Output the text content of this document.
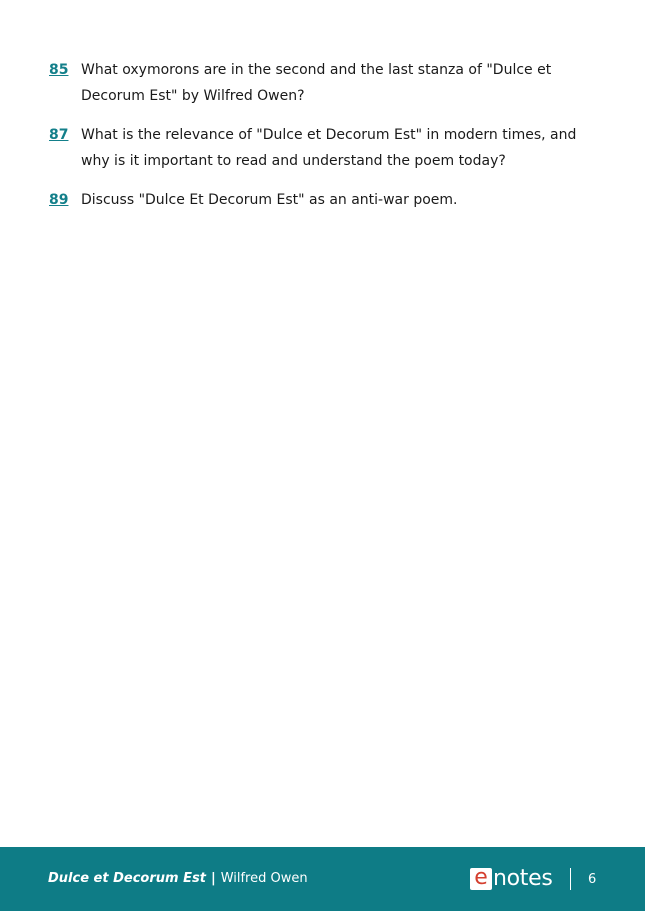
85 What oxymorons are in the second and the last stanza of "Dulce et Decorum Est" by Wilfred Owen?
87 What is the relevance of "Dulce et Decorum Est" in modern times, and why is it important to read and understand the poem today?
89 Discuss "Dulce Et Decorum Est" as an anti-war poem.
Dulce et Decorum Est | Wilfred Owen	e notes	6
